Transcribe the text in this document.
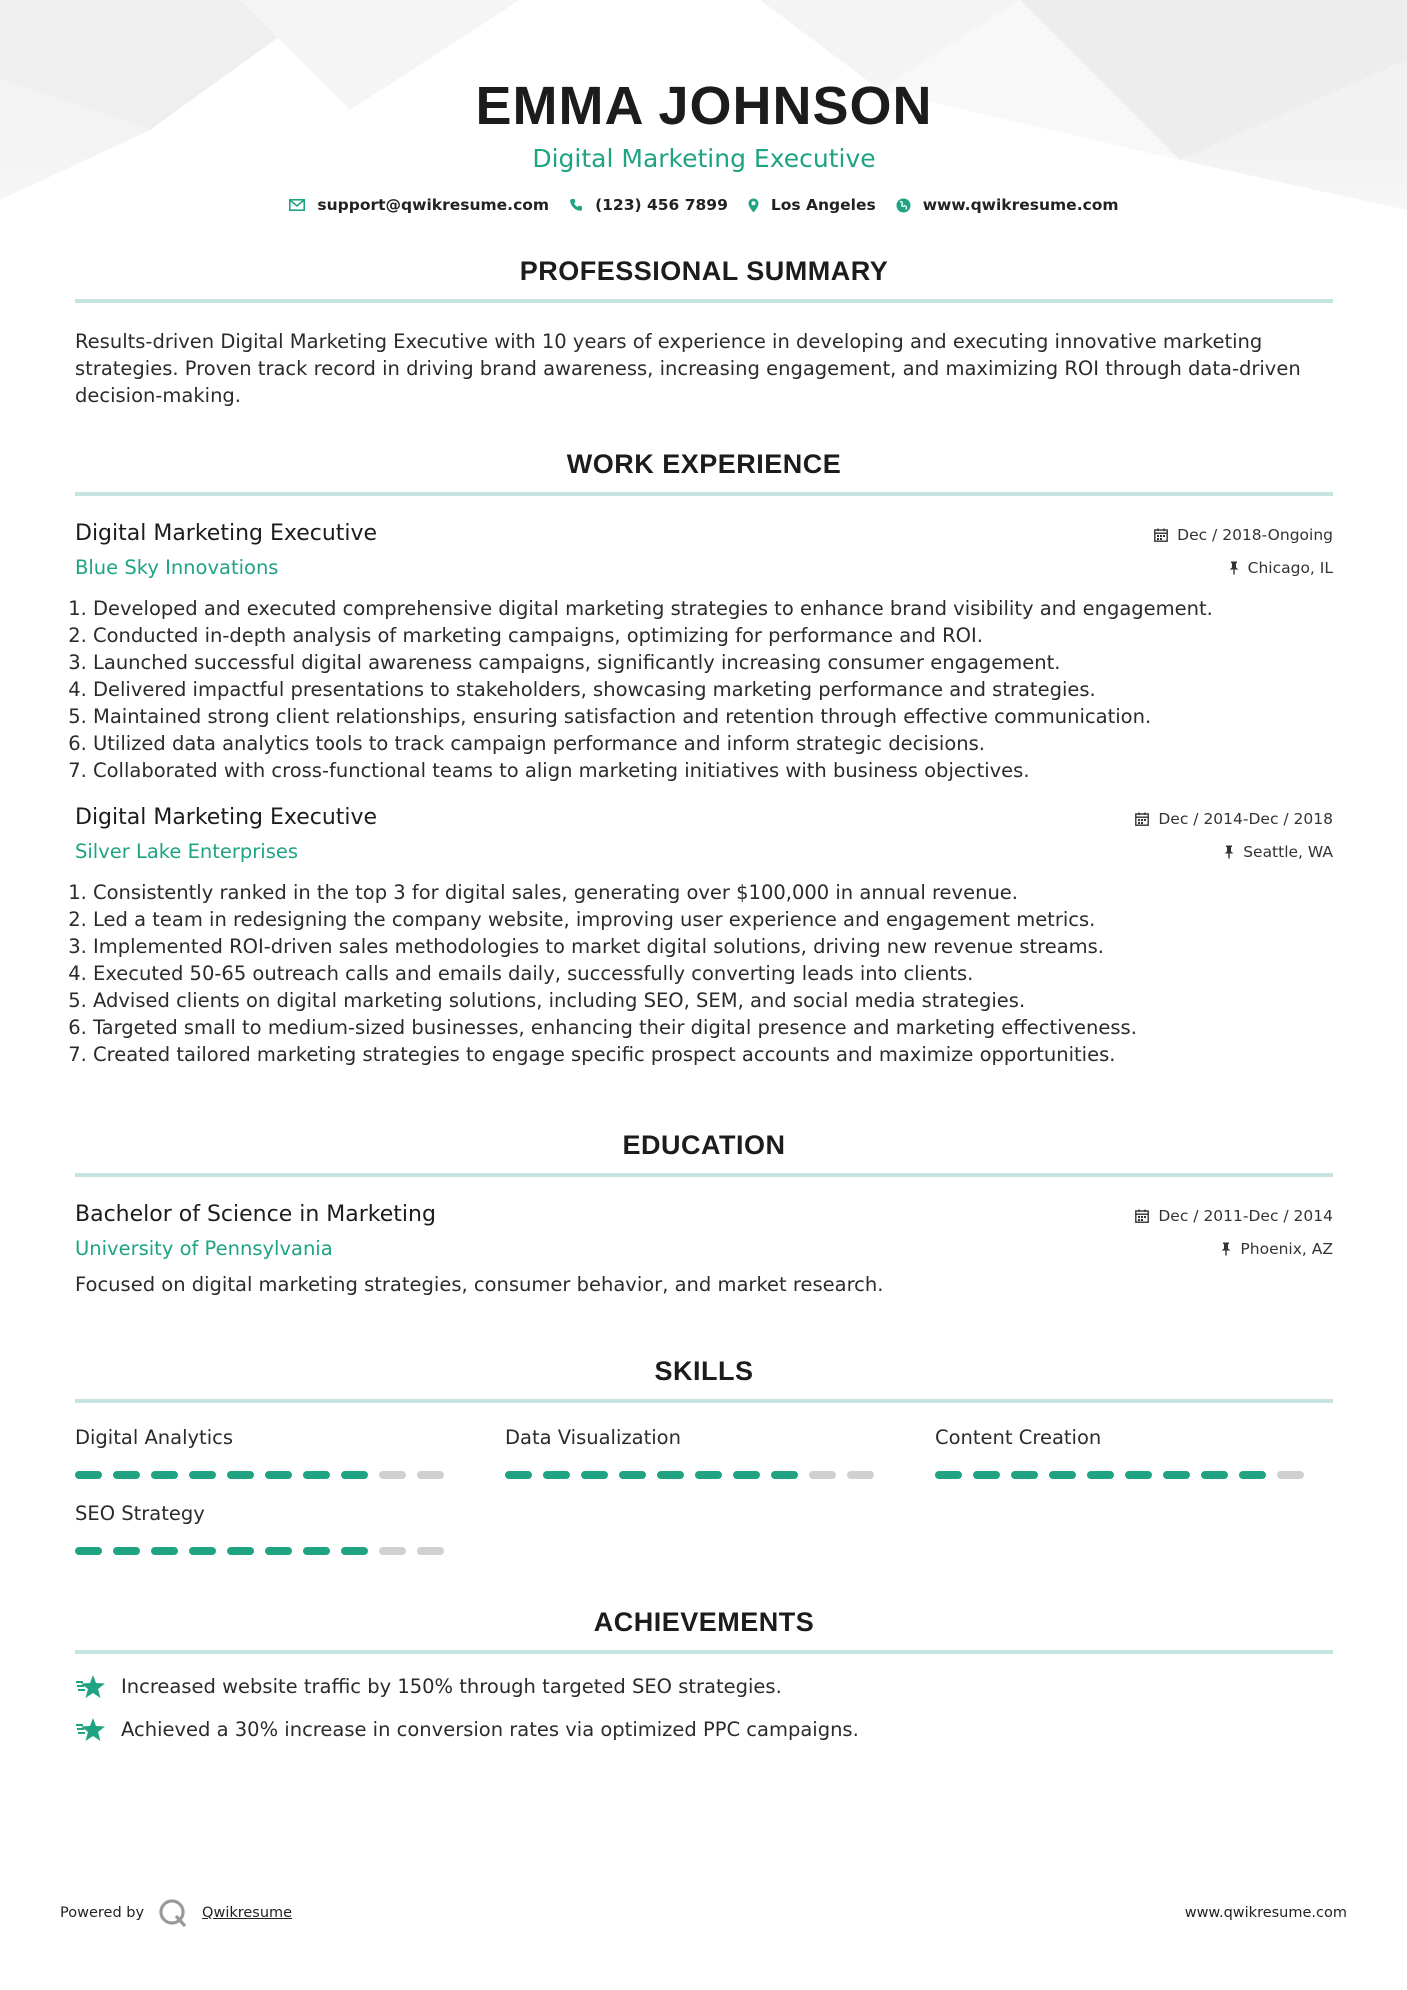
EMMA JOHNSON
Digital Marketing Executive
support@qwikresume.com	(123) 456 7899	Los Angeles	www.qwikresume.com
PROFESSIONAL SUMMARY
Results-driven Digital Marketing Executive with 10 years of experience in developing and executing innovative marketing strategies. Proven track record in driving brand awareness, increasing engagement, and maximizing ROI through data-driven decision-making.
WORK EXPERIENCE
Digital Marketing Executive
Blue Sky Innovations
Dec / 2018-Ongoing
Chicago, IL
1. Developed and executed comprehensive digital marketing strategies to enhance brand visibility and engagement.
2. Conducted in-depth analysis of marketing campaigns, optimizing for performance and ROI.
3. Launched successful digital awareness campaigns, significantly increasing consumer engagement.
4. Delivered impactful presentations to stakeholders, showcasing marketing performance and strategies.
5. Maintained strong client relationships, ensuring satisfaction and retention through effective communication.
6. Utilized data analytics tools to track campaign performance and inform strategic decisions.
7. Collaborated with cross-functional teams to align marketing initiatives with business objectives.
Digital Marketing Executive
Silver Lake Enterprises
Dec / 2014-Dec / 2018
Seattle, WA
1. Consistently ranked in the top 3 for digital sales, generating over $100,000 in annual revenue.
2. Led a team in redesigning the company website, improving user experience and engagement metrics.
3. Implemented ROI-driven sales methodologies to market digital solutions, driving new revenue streams.
4. Executed 50-65 outreach calls and emails daily, successfully converting leads into clients.
5. Advised clients on digital marketing solutions, including SEO, SEM, and social media strategies.
6. Targeted small to medium-sized businesses, enhancing their digital presence and marketing effectiveness.
7. Created tailored marketing strategies to engage specific prospect accounts and maximize opportunities.
EDUCATION
Bachelor of Science in Marketing
University of Pennsylvania
Dec / 2011-Dec / 2014
Phoenix, AZ
Focused on digital marketing strategies, consumer behavior, and market research.
SKILLS
Digital Analytics	Data Visualization	Content Creation
SEO Strategy
ACHIEVEMENTS
Increased website traffic by 150% through targeted SEO strategies.
Achieved a 30% increase in conversion rates via optimized PPC campaigns.
Powered by	Qwikresume	www.qwikresume.com
